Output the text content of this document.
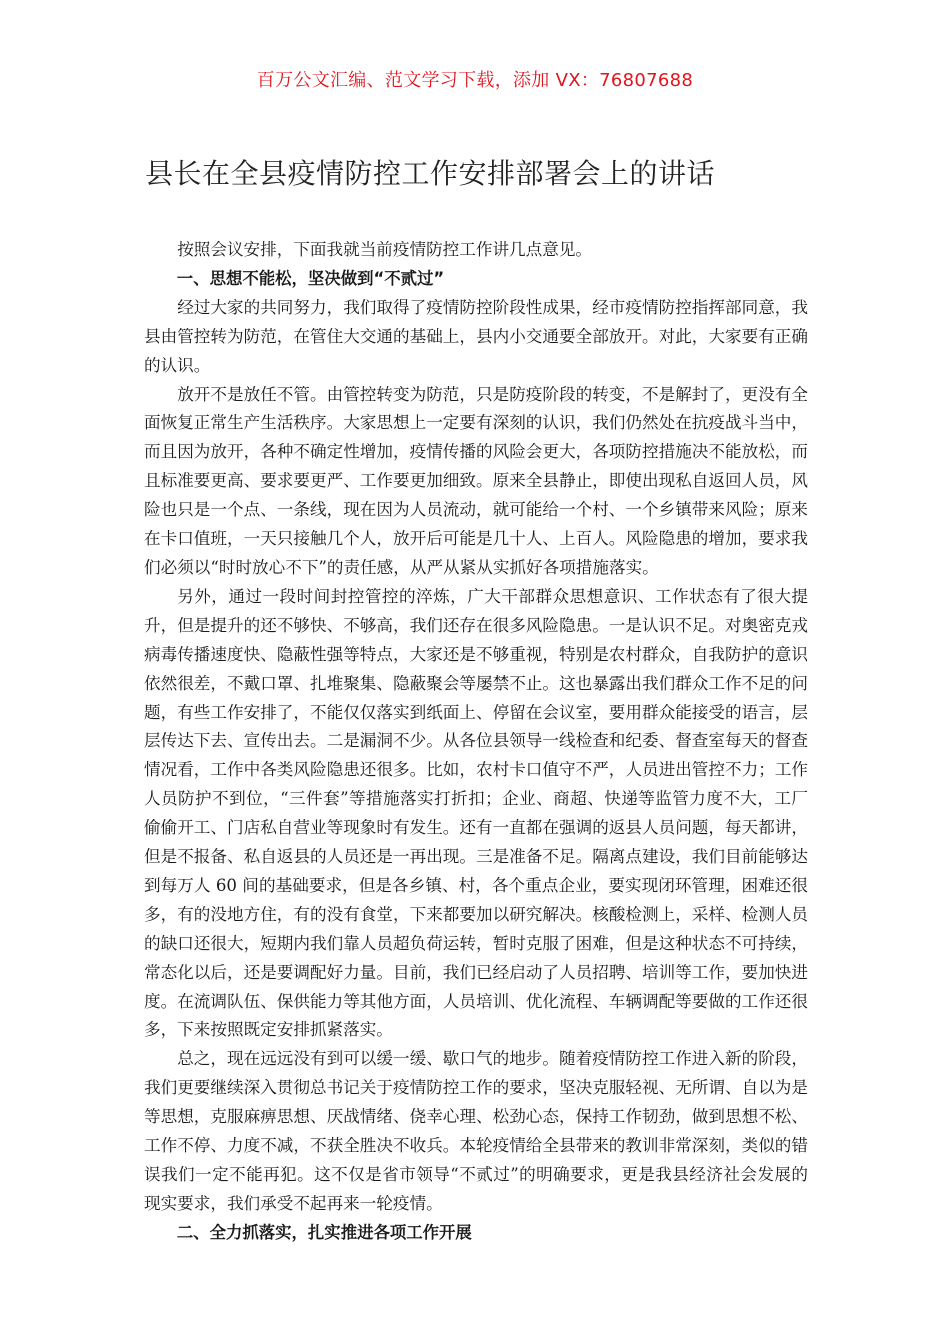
百万公文汇编、范文学习下载，添加 VX：76807688
县长在全县疫情防控工作安排部署会上的讲话

按照会议安排，下面我就当前疫情防控工作讲几点意见。

一、思想不能松，坚决做到“不贰过”

经过大家的共同努力，我们取得了疫情防控阶段性成果，经市疫情防控指挥部同意，我县由管控转为防范，在管住大交通的基础上，县内小交通要全部放开。对此，大家要有正确的认识。

放开不是放任不管。由管控转变为防范，只是防疫阶段的转变，不是解封了，更没有全面恢复正常生产生活秩序。大家思想上一定要有深刻的认识，我们仍然处在抗疫战斗当中，而且因为放开，各种不确定性增加，疫情传播的风险会更大，各项防控措施决不能放松，而且标准要更高、要求要更严、工作要更加细致。原来全县静止，即使出现私自返回人员，风险也只是一个点、一条线，现在因为人员流动，就可能给一个村、一个乡镇带来风险；原来在卡口值班，一天只接触几个人，放开后可能是几十人、上百人。风险隐患的增加，要求我们必须以“时时放心不下”的责任感，从严从紧从实抓好各项措施落实。

另外，通过一段时间封控管控的淬炼，广大干部群众思想意识、工作状态有了很大提升，但是提升的还不够快、不够高，我们还存在很多风险隐患。一是认识不足。对奥密克戎病毒传播速度快、隐蔽性强等特点，大家还是不够重视，特别是农村群众，自我防护的意识依然很差，不戴口罩、扎堆聚集、隐蔽聚会等屡禁不止。这也暴露出我们群众工作不足的问题，有些工作安排了，不能仅仅落实到纸面上、停留在会议室，要用群众能接受的语言，层层传达下去、宣传出去。二是漏洞不少。从各位县领导一线检查和纪委、督查室每天的督查情况看，工作中各类风险隐患还很多。比如，农村卡口值守不严，人员进出管控不力；工作人员防护不到位，“三件套”等措施落实打折扣；企业、商超、快递等监管力度不大，工厂偷偷开工、门店私自营业等现象时有发生。还有一直都在强调的返县人员问题，每天都讲，但是不报备、私自返县的人员还是一再出现。三是准备不足。隔离点建设，我们目前能够达到每万人 60 间的基础要求，但是各乡镇、村，各个重点企业，要实现闭环管理，困难还很多，有的没地方住，有的没有食堂，下来都要加以研究解决。核酸检测上，采样、检测人员的缺口还很大，短期内我们靠人员超负荷运转，暂时克服了困难，但是这种状态不可持续，常态化以后，还是要调配好力量。目前，我们已经启动了人员招聘、培训等工作，要加快进度。在流调队伍、保供能力等其他方面，人员培训、优化流程、车辆调配等要做的工作还很多，下来按照既定安排抓紧落实。

总之，现在远远没有到可以缓一缓、歇口气的地步。随着疫情防控工作进入新的阶段，我们更要继续深入贯彻总书记关于疫情防控工作的要求，坚决克服轻视、无所谓、自以为是等思想，克服麻痹思想、厌战情绪、侥幸心理、松劲心态，保持工作韧劲，做到思想不松、工作不停、力度不减，不获全胜决不收兵。本轮疫情给全县带来的教训非常深刻，类似的错误我们一定不能再犯。这不仅是省市领导“不贰过”的明确要求，更是我县经济社会发展的现实要求，我们承受不起再来一轮疫情。

二、全力抓落实，扎实推进各项工作开展
